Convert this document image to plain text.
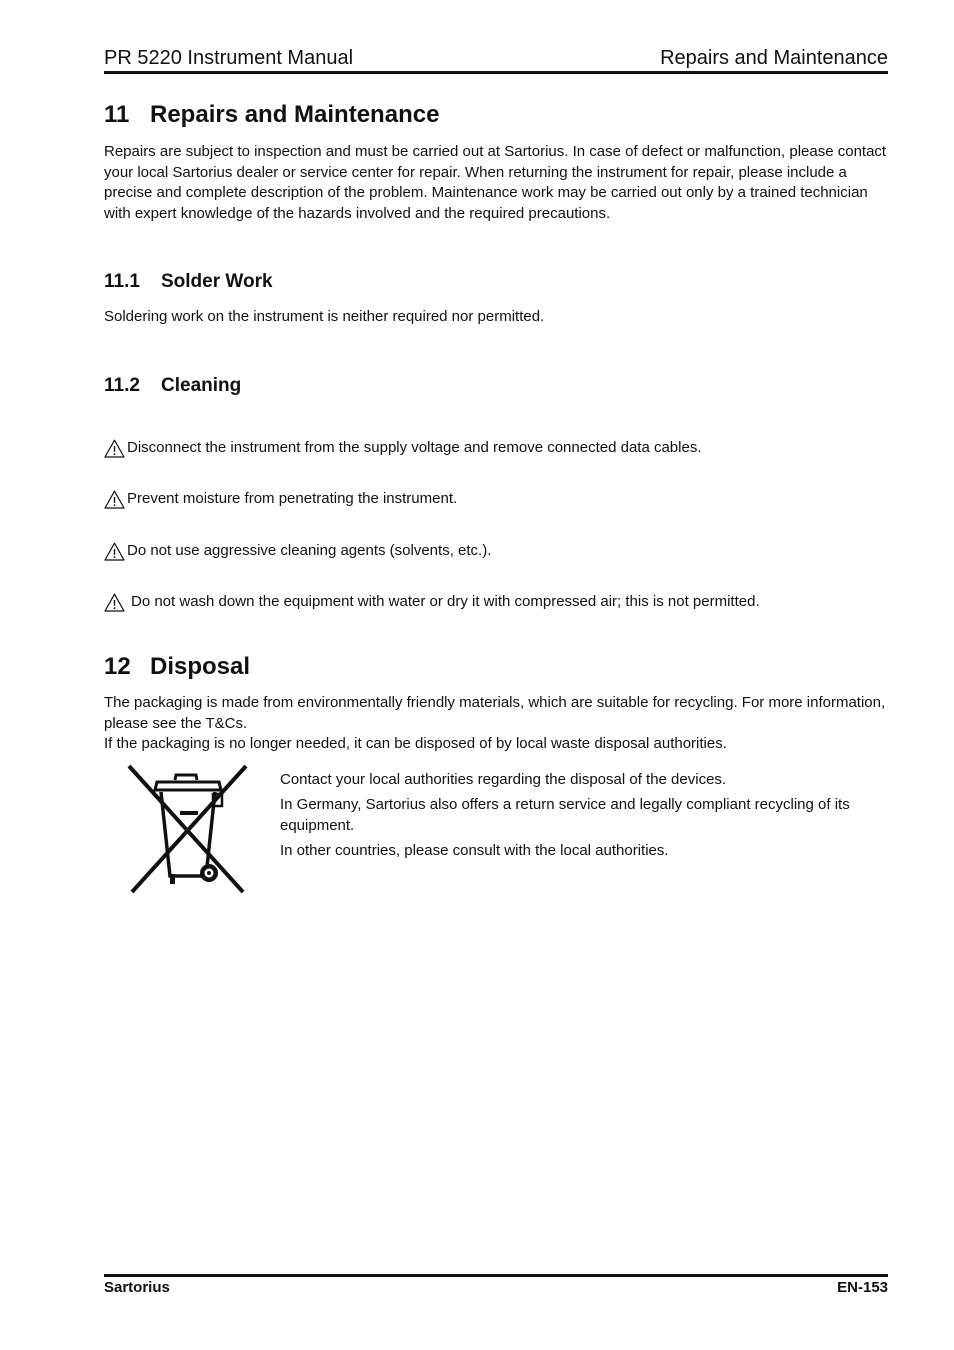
PR 5220 Instrument Manual	Repairs and Maintenance
11 Repairs and Maintenance
Repairs are subject to inspection and must be carried out at Sartorius. In case of defect or malfunction, please contact your local Sartorius dealer or service center for repair. When returning the instrument for repair, please include a precise and complete description of the problem. Maintenance work may be carried out only by a trained technician with expert knowledge of the hazards involved and the required precautions.
11.1 Solder Work
Soldering work on the instrument is neither required nor permitted.
11.2 Cleaning
Disconnect the instrument from the supply voltage and remove connected data cables.
Prevent moisture from penetrating the instrument.
Do not use aggressive cleaning agents (solvents, etc.).
Do not wash down the equipment with water or dry it with compressed air; this is not permitted.
12 Disposal
The packaging is made from environmentally friendly materials, which are suitable for recycling. For more information, please see the T&Cs.
If the packaging is no longer needed, it can be disposed of by local waste disposal authorities.
Contact your local authorities regarding the disposal of the devices.
In Germany, Sartorius also offers a return service and legally compliant recycling of its equipment.
In other countries, please consult with the local authorities.
Sartorius	EN-153
